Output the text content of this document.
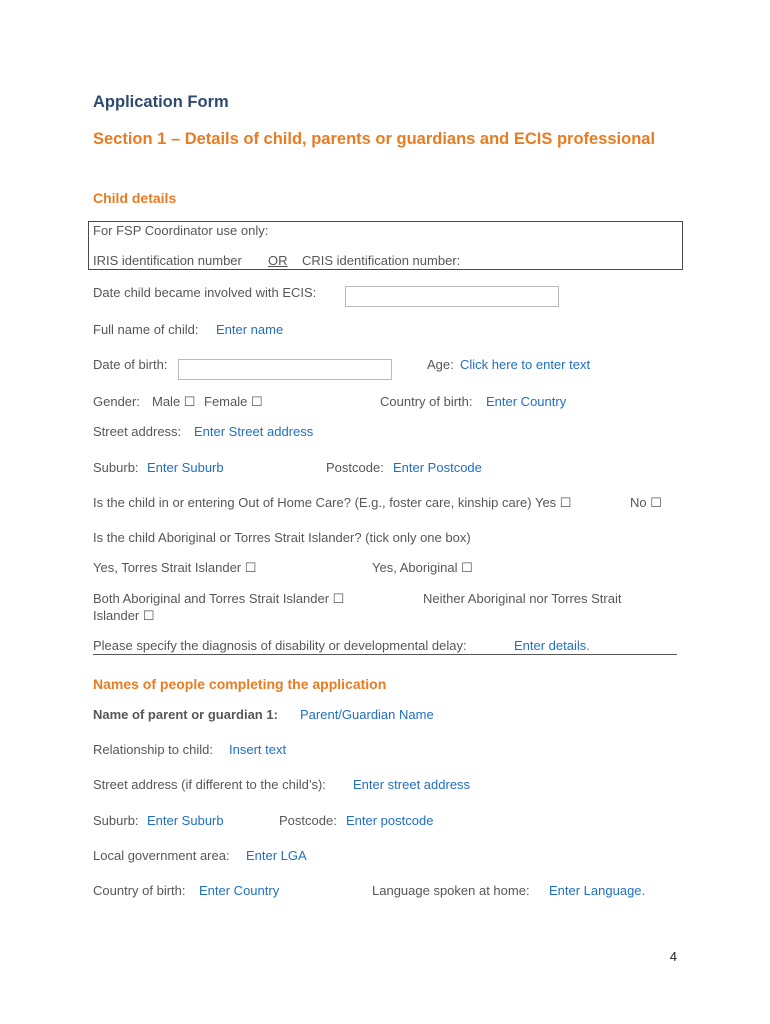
Application Form
Section 1 – Details of child, parents or guardians and ECIS professional
Child details
For FSP Coordinator use only:
IRIS identification number OR CRIS identification number:
Date child became involved with ECIS:
Full name of child: Enter name
Date of birth:	Age: Click here to enter text
Gender: Male ☐ Female ☐	Country of birth: Enter Country
Street address: Enter Street address
Suburb: Enter Suburb	Postcode: Enter Postcode
Is the child in or entering Out of Home Care? (E.g., foster care, kinship care) Yes ☐	No ☐
Is the child Aboriginal or Torres Strait Islander? (tick only one box)
Yes, Torres Strait Islander ☐	Yes, Aboriginal ☐
Both Aboriginal and Torres Strait Islander ☐	Neither Aboriginal nor Torres Strait
Islander ☐
Please specify the diagnosis of disability or developmental delay:	Enter details.
Names of people completing the application
Name of parent or guardian 1: Parent/Guardian Name
Relationship to child: Insert text
Street address (if different to the child’s): Enter street address
Suburb: Enter Suburb	Postcode: Enter postcode
Local government area: Enter LGA
Country of birth: Enter Country	Language spoken at home: Enter Language.
4
